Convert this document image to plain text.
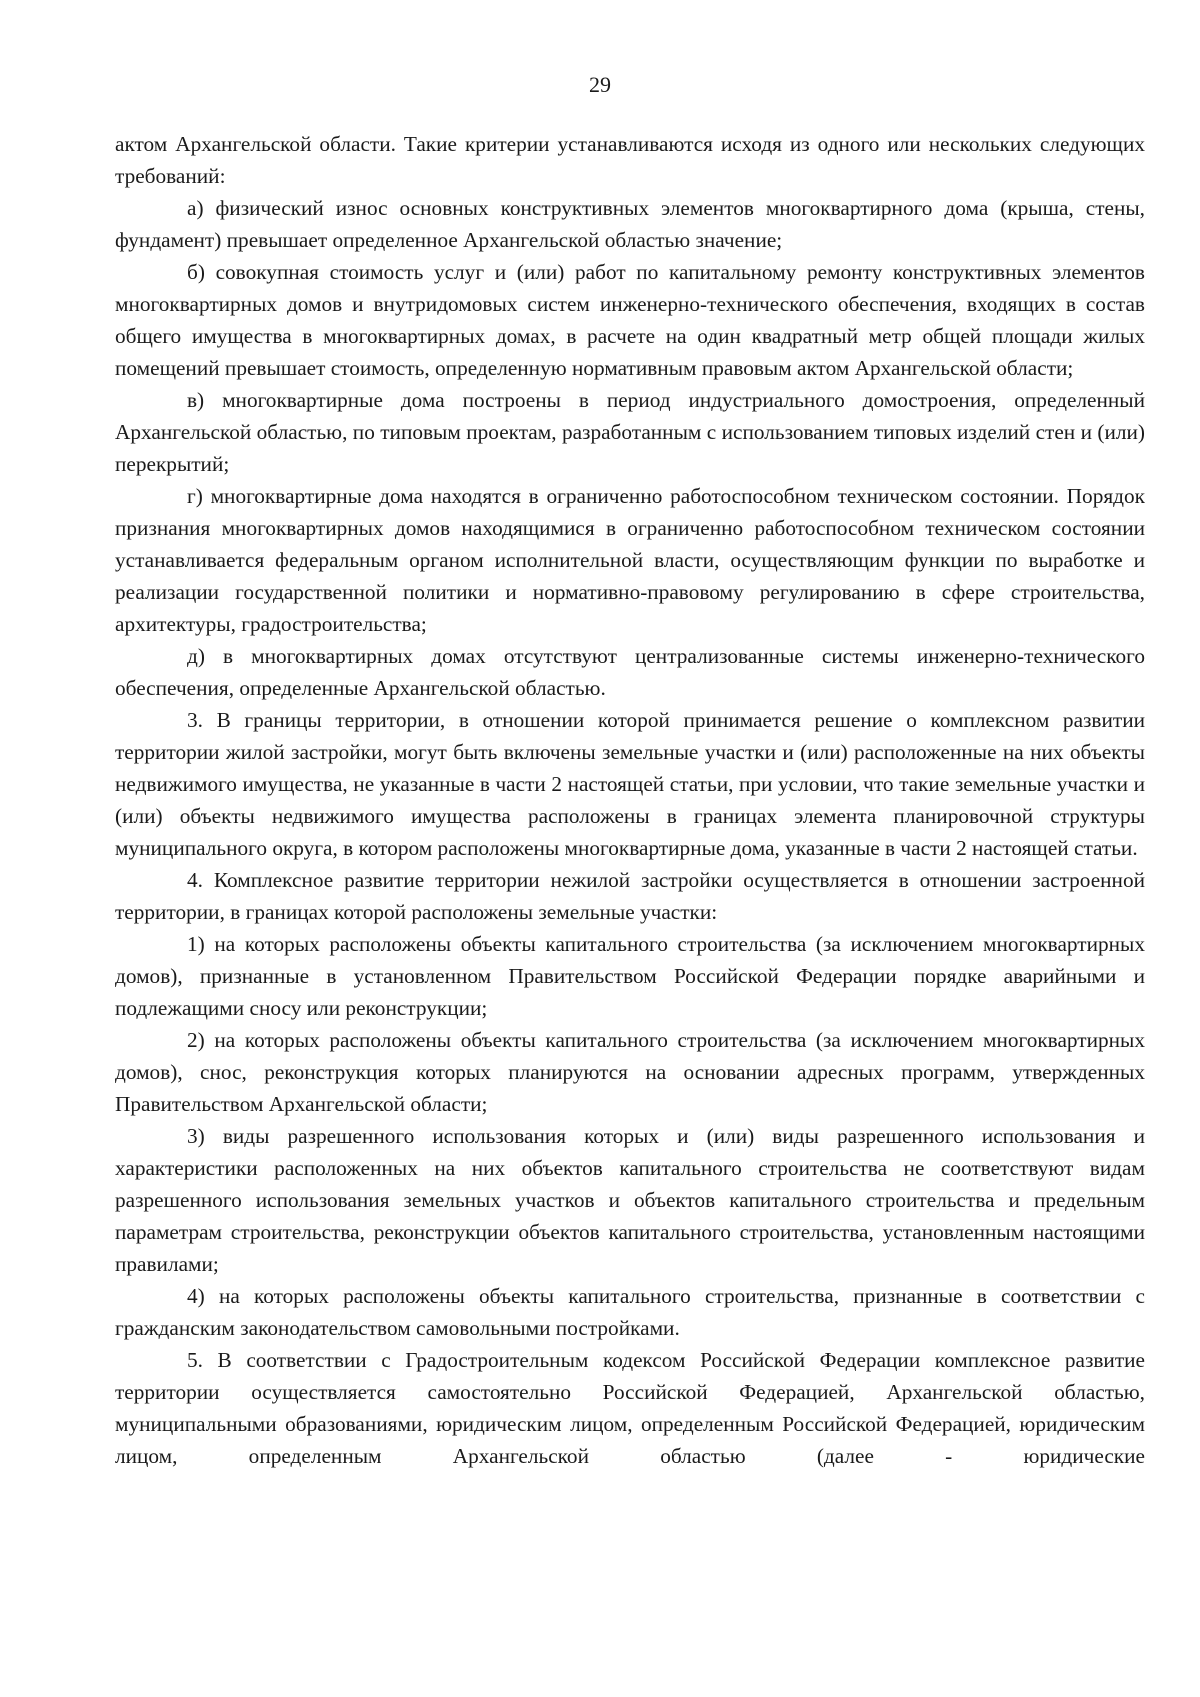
29

актом Архангельской области. Такие критерии устанавливаются исходя из одного или нескольких следующих требований:

а) физический износ основных конструктивных элементов многоквартирного дома (крыша, стены, фундамент) превышает определенное Архангельской областью значение;

б) совокупная стоимость услуг и (или) работ по капитальному ремонту конструктивных элементов многоквартирных домов и внутридомовых систем инженерно-технического обеспечения, входящих в состав общего имущества в многоквартирных домах, в расчете на один квадратный метр общей площади жилых помещений превышает стоимость, определенную нормативным правовым актом Архангельской области;

в) многоквартирные дома построены в период индустриального домостроения, определенный Архангельской областью, по типовым проектам, разработанным с использованием типовых изделий стен и (или) перекрытий;

г) многоквартирные дома находятся в ограниченно работоспособном техническом состоянии. Порядок признания многоквартирных домов находящимися в ограниченно работоспособном техническом состоянии устанавливается федеральным органом исполнительной власти, осуществляющим функции по выработке и реализации государственной политики и нормативно-правовому регулированию в сфере строительства, архитектуры, градостроительства;

д) в многоквартирных домах отсутствуют централизованные системы инженерно-технического обеспечения, определенные Архангельской областью.

3. В границы территории, в отношении которой принимается решение о комплексном развитии территории жилой застройки, могут быть включены земельные участки и (или) расположенные на них объекты недвижимого имущества, не указанные в части 2 настоящей статьи, при условии, что такие земельные участки и (или) объекты недвижимого имущества расположены в границах элемента планировочной структуры муниципального округа, в котором расположены многоквартирные дома, указанные в части 2 настоящей статьи.

4. Комплексное развитие территории нежилой застройки осуществляется в отношении застроенной территории, в границах которой расположены земельные участки:

1) на которых расположены объекты капитального строительства (за исключением многоквартирных домов), признанные в установленном Правительством Российской Федерации порядке аварийными и подлежащими сносу или реконструкции;

2) на которых расположены объекты капитального строительства (за исключением многоквартирных домов), снос, реконструкция которых планируются на основании адресных программ, утвержденных Правительством Архангельской области;

3) виды разрешенного использования которых и (или) виды разрешенного использования и характеристики расположенных на них объектов капитального строительства не соответствуют видам разрешенного использования земельных участков и объектов капитального строительства и предельным параметрам строительства, реконструкции объектов капитального строительства, установленным настоящими правилами;

4) на которых расположены объекты капитального строительства, признанные в соответствии с гражданским законодательством самовольными постройками.

5. В соответствии с Градостроительным кодексом Российской Федерации комплексное развитие территории осуществляется самостоятельно Российской Федерацией, Архангельской областью, муниципальными образованиями, юридическим лицом, определенным Российской Федерацией, юридическим лицом, определенным Архангельской областью (далее - юридические
